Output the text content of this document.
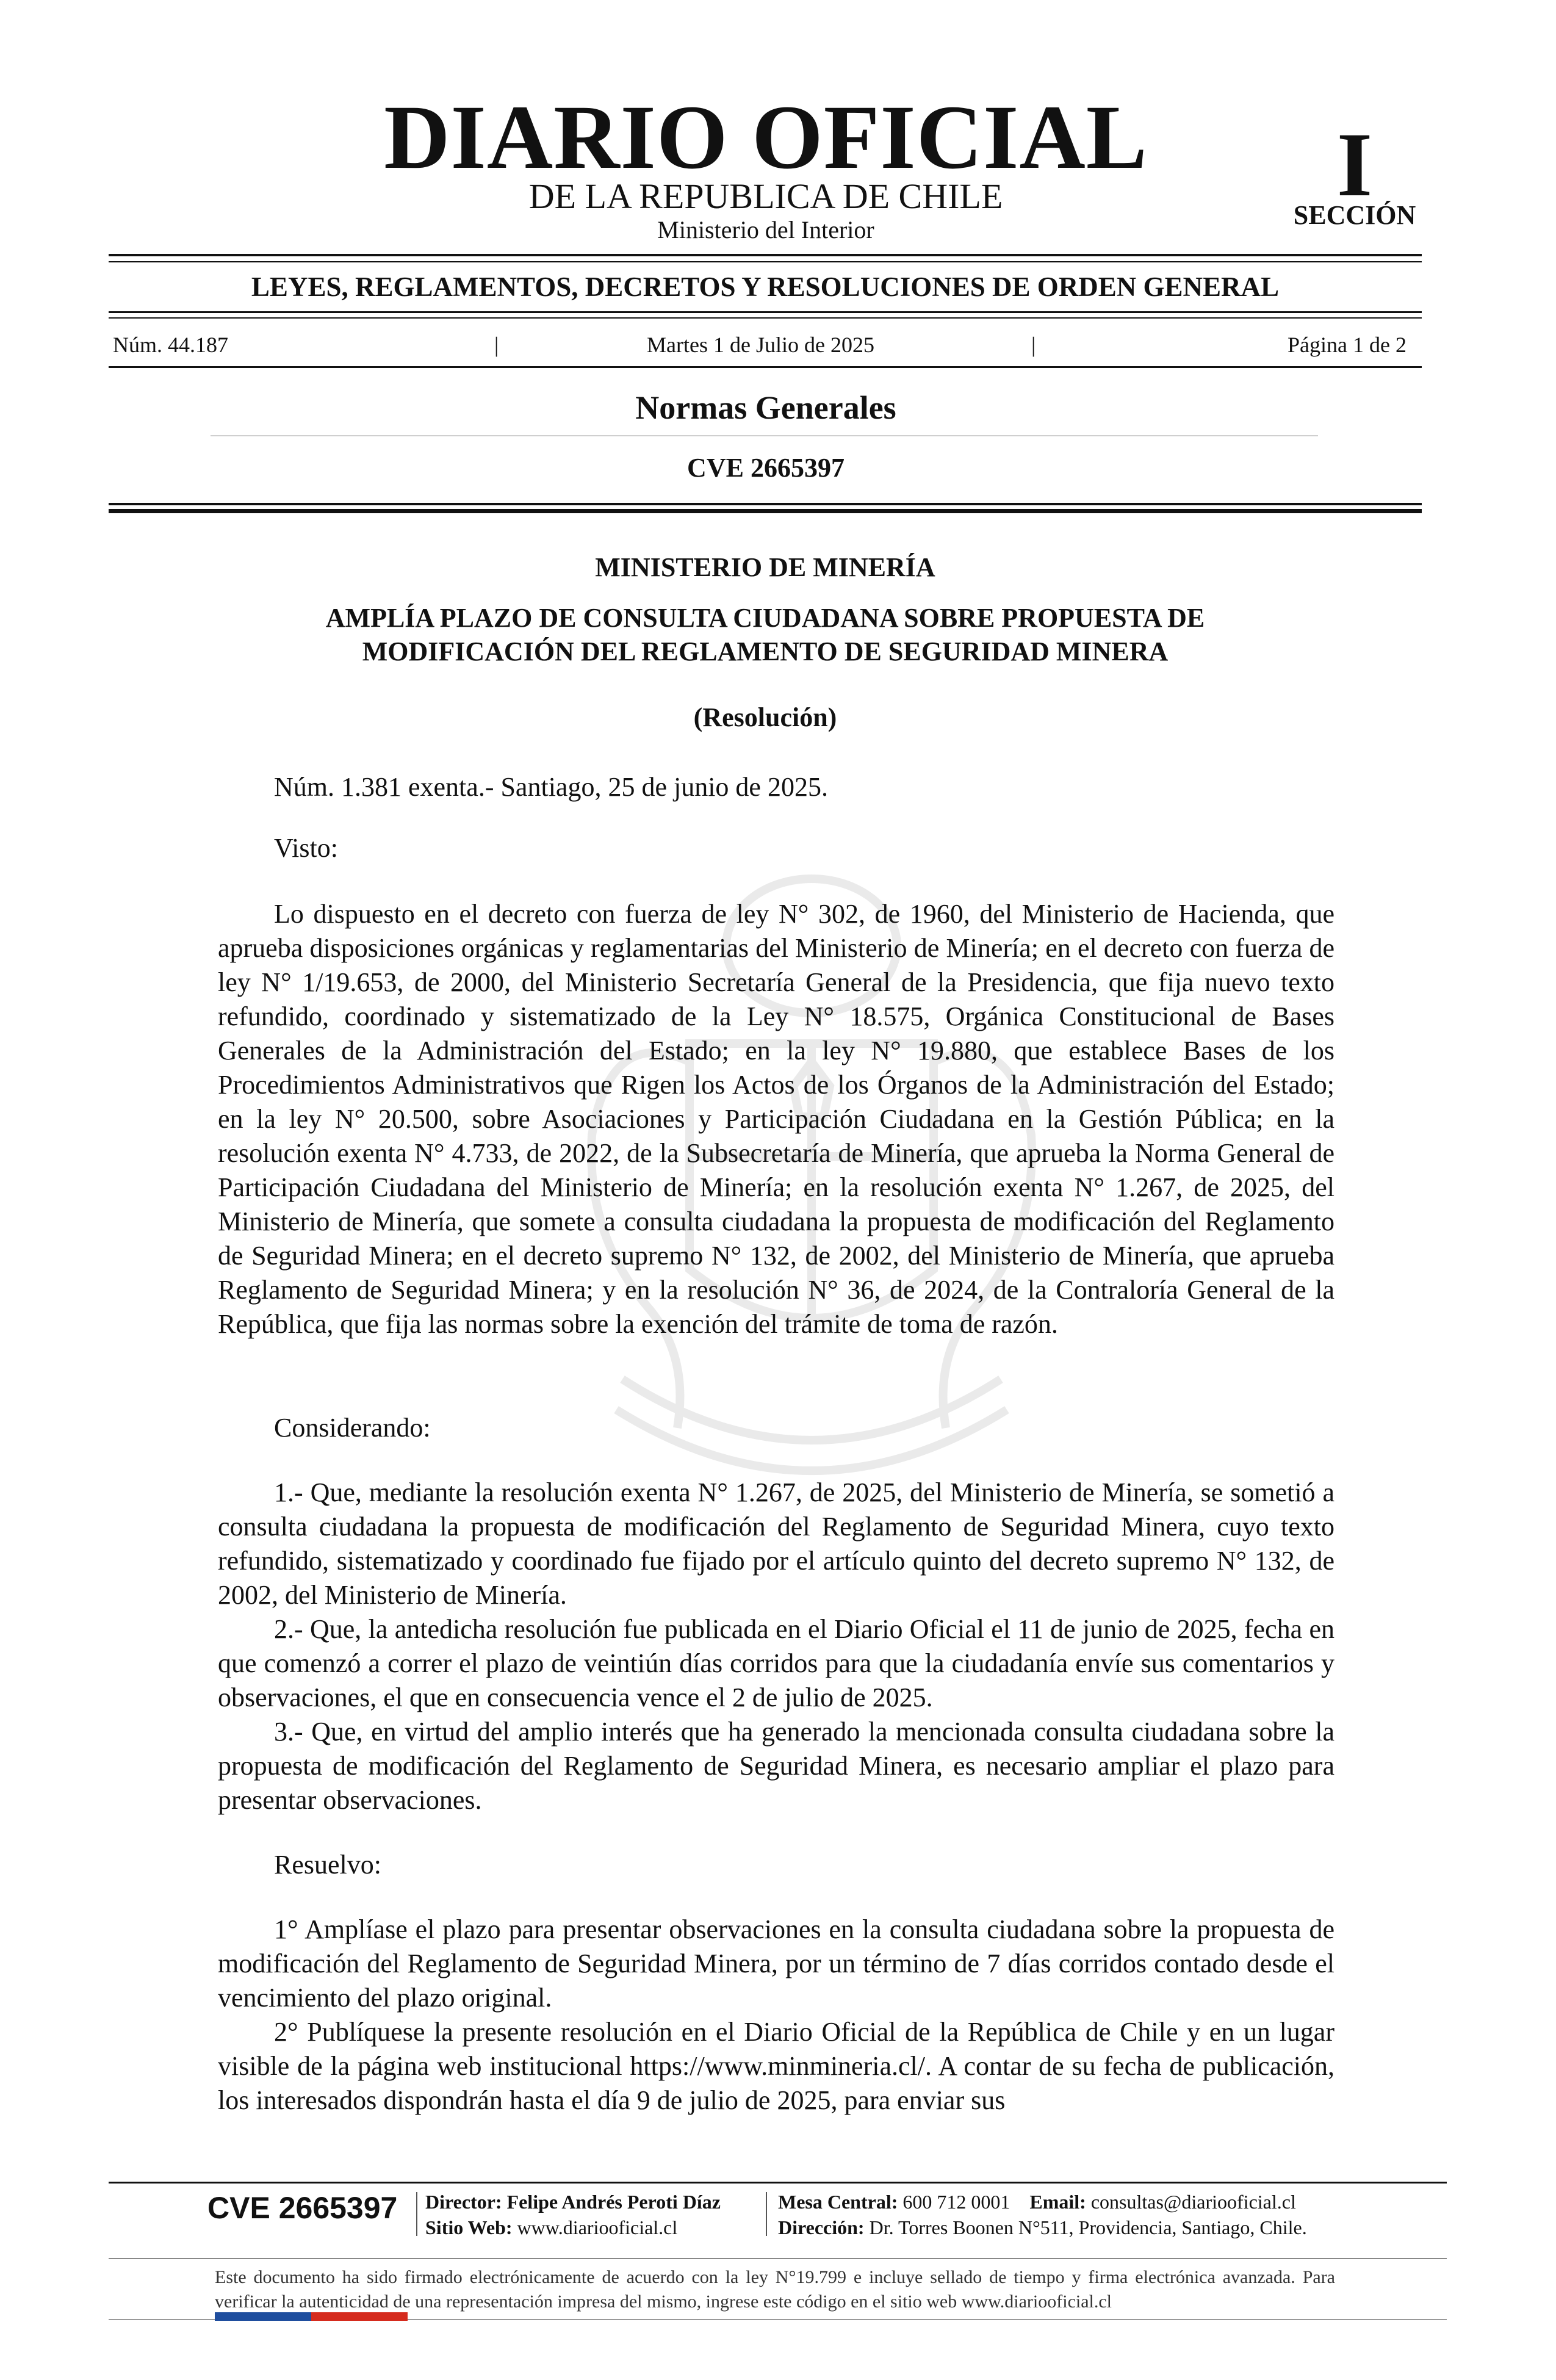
DIARIO OFICIAL
DE LA REPUBLICA DE CHILE
Ministerio del Interior
I
SECCIÓN
LEYES, REGLAMENTOS, DECRETOS Y RESOLUCIONES DE ORDEN GENERAL
Núm. 44.187	|	Martes 1 de Julio de 2025	|	Página 1 de 2
Normas Generales
CVE 2665397
MINISTERIO DE MINERÍA
AMPLÍA PLAZO DE CONSULTA CIUDADANA SOBRE PROPUESTA DE
MODIFICACIÓN DEL REGLAMENTO DE SEGURIDAD MINERA
(Resolución)
Núm. 1.381 exenta.- Santiago, 25 de junio de 2025.
Visto:
Lo dispuesto en el decreto con fuerza de ley N° 302, de 1960, del Ministerio de Hacienda, que aprueba disposiciones orgánicas y reglamentarias del Ministerio de Minería; en el decreto con fuerza de ley N° 1/19.653, de 2000, del Ministerio Secretaría General de la Presidencia, que fija nuevo texto refundido, coordinado y sistematizado de la Ley N° 18.575, Orgánica Constitucional de Bases Generales de la Administración del Estado; en la ley N° 19.880, que establece Bases de los Procedimientos Administrativos que Rigen los Actos de los Órganos de la Administración del Estado; en la ley N° 20.500, sobre Asociaciones y Participación Ciudadana en la Gestión Pública; en la resolución exenta N° 4.733, de 2022, de la Subsecretaría de Minería, que aprueba la Norma General de Participación Ciudadana del Ministerio de Minería; en la resolución exenta N° 1.267, de 2025, del Ministerio de Minería, que somete a consulta ciudadana la propuesta de modificación del Reglamento de Seguridad Minera; en el decreto supremo N° 132, de 2002, del Ministerio de Minería, que aprueba Reglamento de Seguridad Minera; y en la resolución N° 36, de 2024, de la Contraloría General de la República, que fija las normas sobre la exención del trámite de toma de razón.
Considerando:
1.- Que, mediante la resolución exenta N° 1.267, de 2025, del Ministerio de Minería, se sometió a consulta ciudadana la propuesta de modificación del Reglamento de Seguridad Minera, cuyo texto refundido, sistematizado y coordinado fue fijado por el artículo quinto del decreto supremo N° 132, de 2002, del Ministerio de Minería.
2.- Que, la antedicha resolución fue publicada en el Diario Oficial el 11 de junio de 2025, fecha en que comenzó a correr el plazo de veintiún días corridos para que la ciudadanía envíe sus comentarios y observaciones, el que en consecuencia vence el 2 de julio de 2025.
3.- Que, en virtud del amplio interés que ha generado la mencionada consulta ciudadana sobre la propuesta de modificación del Reglamento de Seguridad Minera, es necesario ampliar el plazo para presentar observaciones.
Resuelvo:
1° Amplíase el plazo para presentar observaciones en la consulta ciudadana sobre la propuesta de modificación del Reglamento de Seguridad Minera, por un término de 7 días corridos contado desde el vencimiento del plazo original.
2° Publíquese la presente resolución en el Diario Oficial de la República de Chile y en un lugar visible de la página web institucional https://www.minmineria.cl/. A contar de su fecha de publicación, los interesados dispondrán hasta el día 9 de julio de 2025, para enviar sus
CVE 2665397 Director: Felipe Andrés Peroti Díaz
Sitio Web: www.diariooficial.cl
Mesa Central: 600 712 0001 Email: consultas@diariooficial.cl
Dirección: Dr. Torres Boonen N°511, Providencia, Santiago, Chile.
Este documento ha sido firmado electrónicamente de acuerdo con la ley N°19.799 e incluye sellado de tiempo y firma electrónica avanzada. Para verificar la autenticidad de una representación impresa del mismo, ingrese este código en el sitio web www.diariooficial.cl
